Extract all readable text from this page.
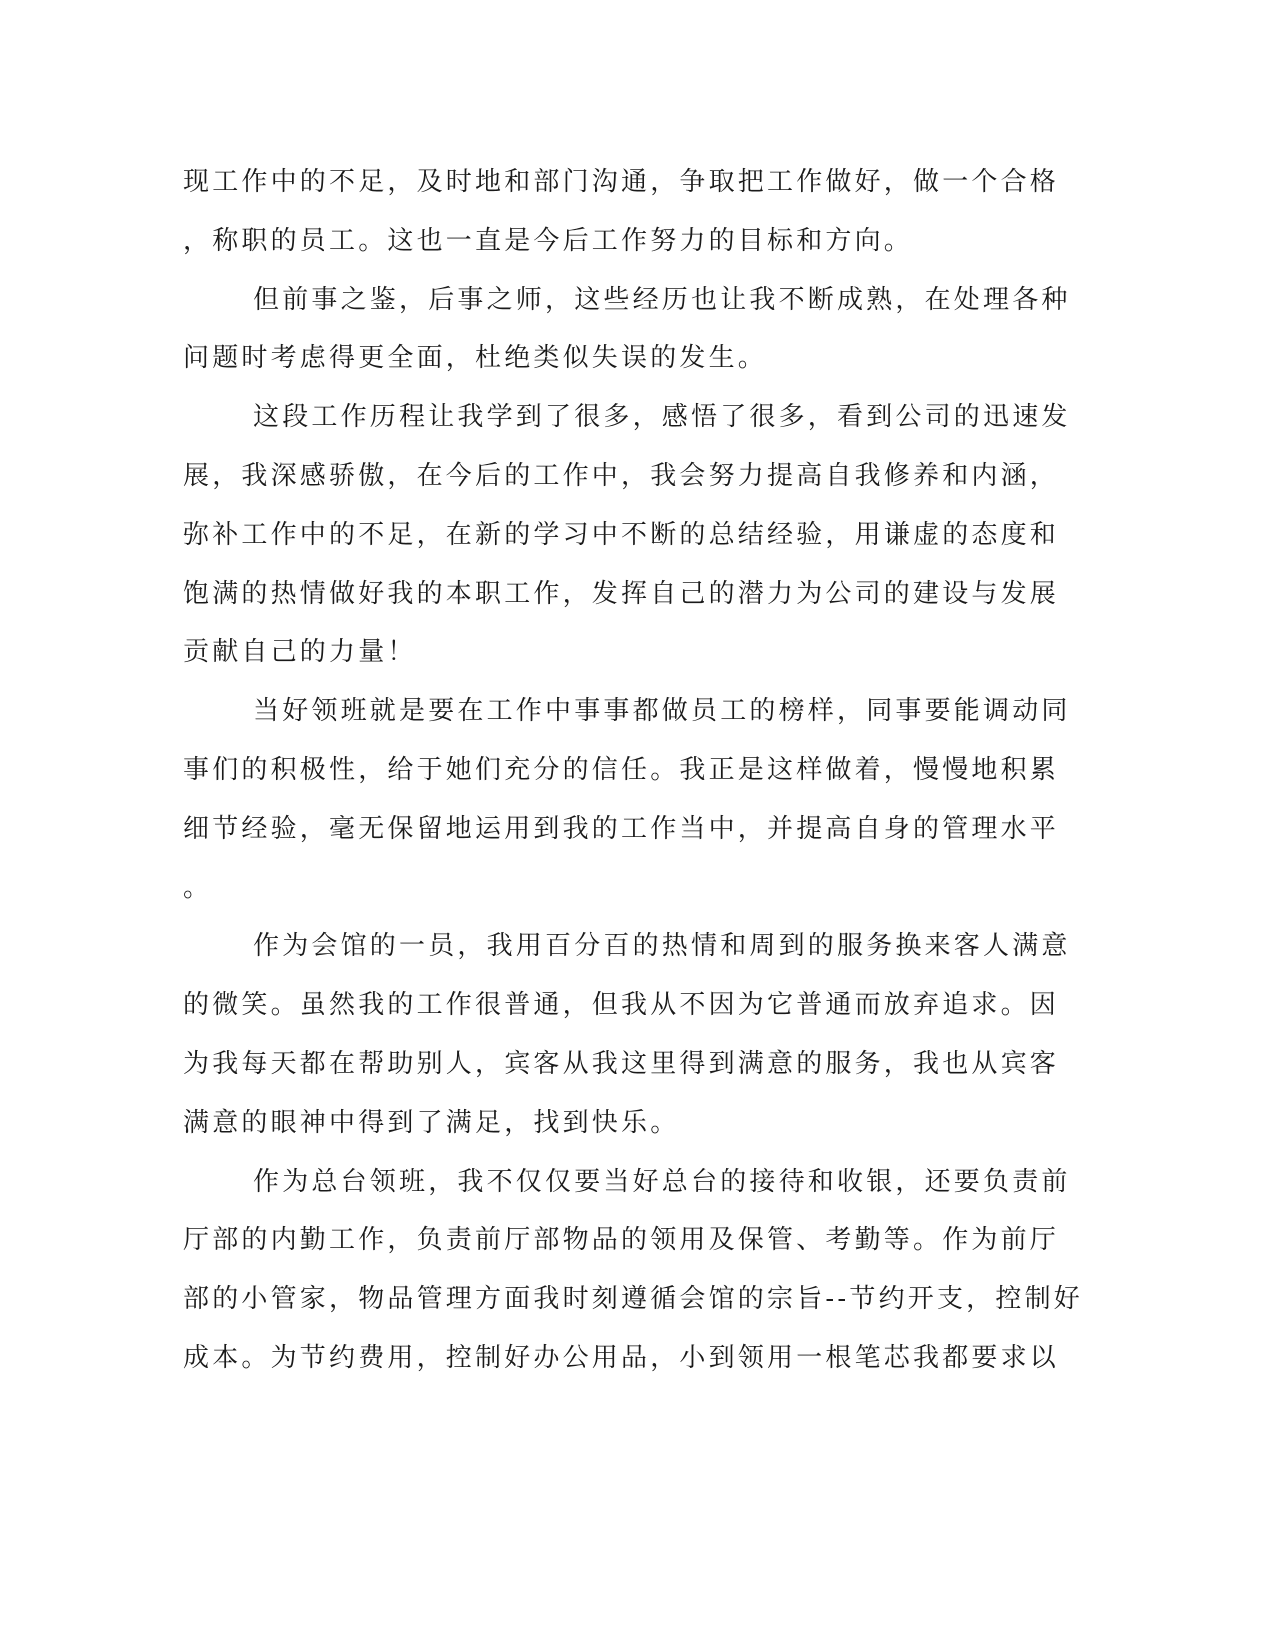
现工作中的不足，及时地和部门沟通，争取把工作做好，做一个合格
，称职的员工。这也一直是今后工作努力的目标和方向。
但前事之鉴，后事之师，这些经历也让我不断成熟，在处理各种
问题时考虑得更全面，杜绝类似失误的发生。
这段工作历程让我学到了很多，感悟了很多，看到公司的迅速发
展，我深感骄傲，在今后的工作中，我会努力提高自我修养和内涵，
弥补工作中的不足，在新的学习中不断的总结经验，用谦虚的态度和
饱满的热情做好我的本职工作，发挥自己的潜力为公司的建设与发展
贡献自己的力量！
当好领班就是要在工作中事事都做员工的榜样，同事要能调动同
事们的积极性，给于她们充分的信任。我正是这样做着，慢慢地积累
细节经验，毫无保留地运用到我的工作当中，并提高自身的管理水平
。
作为会馆的一员，我用百分百的热情和周到的服务换来客人满意
的微笑。虽然我的工作很普通，但我从不因为它普通而放弃追求。因
为我每天都在帮助别人，宾客从我这里得到满意的服务，我也从宾客
满意的眼神中得到了满足，找到快乐。
作为总台领班，我不仅仅要当好总台的接待和收银，还要负责前
厅部的内勤工作，负责前厅部物品的领用及保管、考勤等。作为前厅
部的小管家，物品管理方面我时刻遵循会馆的宗旨--节约开支，控制好
成本。为节约费用，控制好办公用品，小到领用一根笔芯我都要求以
